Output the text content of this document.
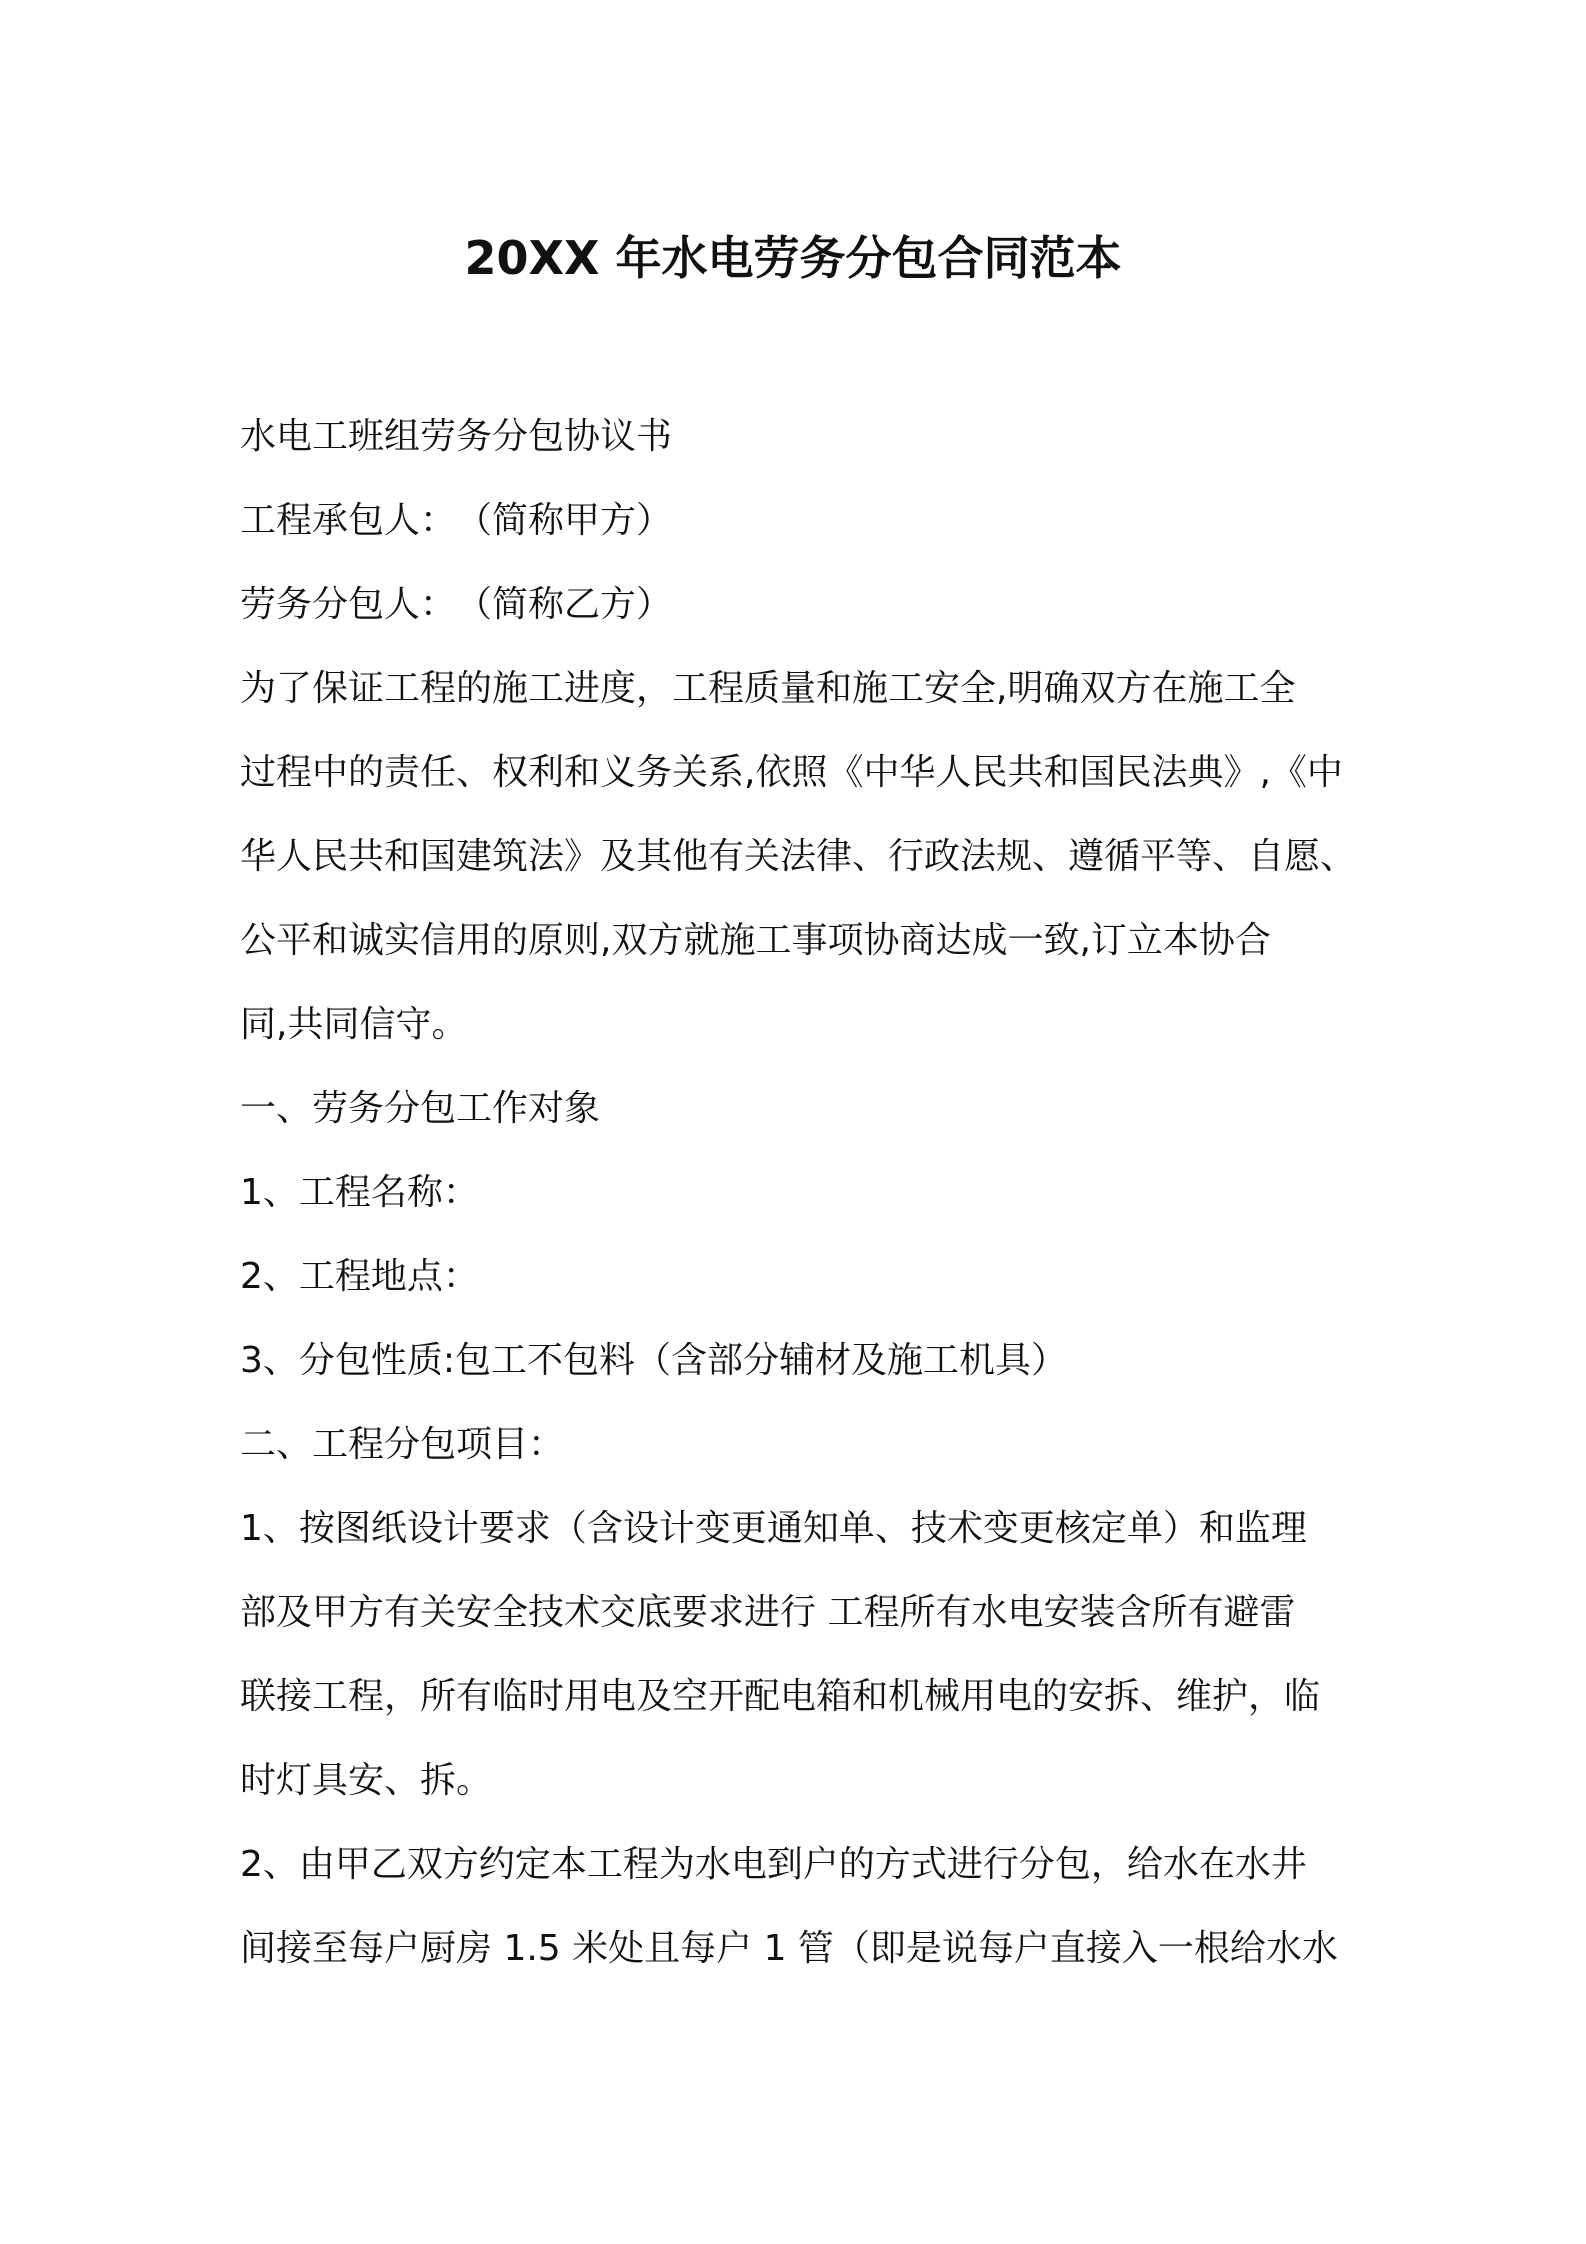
20XX 年水电劳务分包合同范本

水电工班组劳务分包协议书

工程承包人：　（简称甲方）

劳务分包人：　（简称乙方）

为了保证工程的施工进度，工程质量和施工安全,明确双方在施工全

过程中的责任、权利和义务关系,依照《中华人民共和国民法典》,《中

华人民共和国建筑法》及其他有关法律、行政法规、遵循平等、自愿、

公平和诚实信用的原则,双方就施工事项协商达成一致,订立本协合

同,共同信守。

一、劳务分包工作对象

1、工程名称：

2、工程地点：

3、分包性质:包工不包料（含部分辅材及施工机具）

二、工程分包项目：

1、按图纸设计要求（含设计变更通知单、技术变更核定单）和监理

部及甲方有关安全技术交底要求进行 工程所有水电安装含所有避雷

联接工程，所有临时用电及空开配电箱和机械用电的安拆、维护，临

时灯具安、拆。

2、由甲乙双方约定本工程为水电到户的方式进行分包，给水在水井

间接至每户厨房 1.5 米处且每户 1 管（即是说每户直接入一根给水水
